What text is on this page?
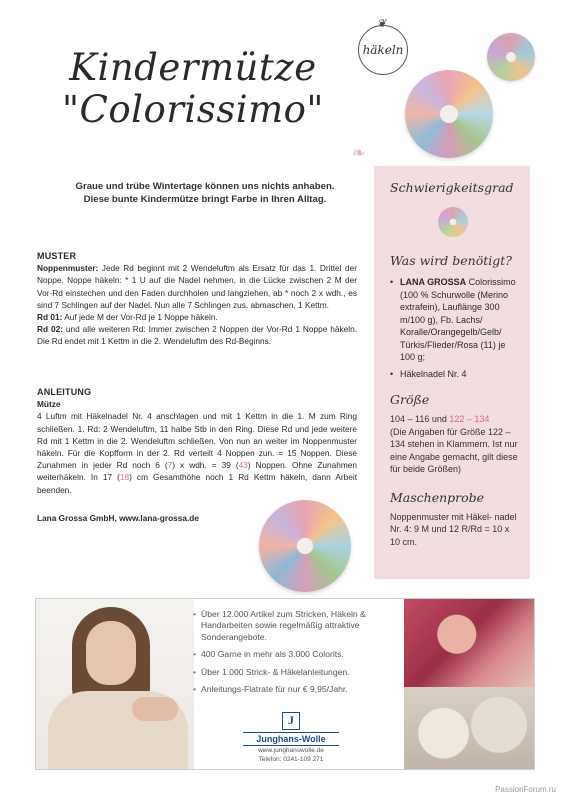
Kindermütze
"Colorissimo"
❦
häkeln
❧
Graue und trübe Wintertage können uns nichts anhaben.
Diese bunte Kindermütze bringt Farbe in Ihren Alltag.
Schwierigkeitsgrad
Was wird benötigt?
• LANA GROSSA Colorissimo (100 % Schurwolle (Merino extrafein), Lauflänge 300 m/100 g), Fb. Lachs/ Koralle/Orangegelb/Gelb/ Türkis/Flieder/Rosa (11) je 100 g;
• Häkelnadel Nr. 4
Größe
104 – 116 und 122 – 134
(Die Angaben für Größe 122 – 134 stehen in Klammern. Ist nur eine Angabe gemacht, gilt diese für beide Größen)
Maschenprobe
Noppenmuster mit Häkel- nadel Nr. 4: 9 M und 12 R/Rd = 10 x 10 cm.
MUSTER

Noppenmuster: Jede Rd beginnt mit 2 Wendeluftm als Ersatz für das 1. Drittel der Noppe. Noppe häkeln: * 1 U auf die Nadel nehmen, in die Lücke zwischen 2 M der Vor-Rd einstechen und den Faden durchholen und langziehen, ab * noch 2 x wdh., es sind 7 Schlingen auf der Nadel. Nun alle 7 Schlingen zus. abmaschen, 1 Kettm.

Rd 01: Auf jede M der Vor-Rd je 1 Noppe häkeln.

Rd 02: und alle weiteren Rd: Immer zwischen 2 Noppen der Vor-Rd 1 Noppe häkeln. Die Rd endet mit 1 Kettm in die 2. Wendeluftm des Rd-Beginns.

ANLEITUNG
Mütze

4 Luftm mit Häkelnadel Nr. 4 anschlagen und mit 1 Kettm in die 1. M zum Ring schließen. 1. Rd: 2 Wendeluftm, 11 halbe Stb in den Ring. Diese Rd und jede weitere Rd mit 1 Kettm in die 2. Wendeluftm schließen. Von nun an weiter im Noppenmuster häkeln. Für die Kopfform in der 2. Rd verteilt 4 Noppen zun. = 15 Noppen. Diese Zunahmen in jeder Rd noch 6 (7) x wdh. = 39 (43) Noppen. Ohne Zunahmen weiterhäkeln. In 17 (18) cm Gesamthöhe noch 1 Rd Kettm häkeln, dann Arbeit beenden.

Lana Grossa GmbH, www.lana-grossa.de
• Über 12.000 Artikel zum Stricken, Häkeln & Handarbeiten sowie regelmäßig attraktive Sonderangebote.
• 400 Garne in mehr als 3.000 Colorits.
• Über 1.000 Strick- & Häkelanleitungen.
• Anleitungs-Flatrate für nur € 9,95/Jahr.
J
Junghans-Wolle
www.junghanswolle.de
Telefon: 0241-109 271
PassionForum.ru
